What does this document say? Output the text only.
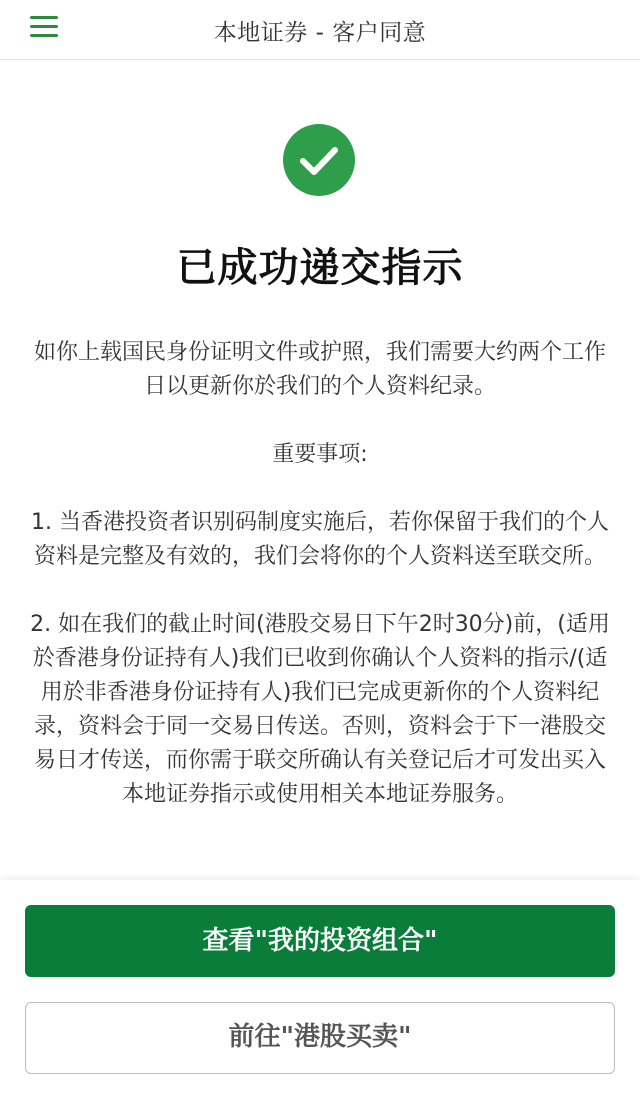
本地证券 - 客户同意
已成功递交指示

如你上载国民身份证明文件或护照，我们需要大约两个工作日以更新你於我们的个人资料纪录。

重要事项:

1. 当香港投资者识别码制度实施后，若你保留于我们的个人资料是完整及有效的，我们会将你的个人资料送至联交所。

2. 如在我们的截止时间(港股交易日下午2时30分)前，(适用於香港身份证持有人)我们已收到你确认个人资料的指示/(适用於非香港身份证持有人)我们已完成更新你的个人资料纪录，资料会于同一交易日传送。否则，资料会于下一港股交易日才传送，而你需于联交所确认有关登记后才可发出买入本地证券指示或使用相关本地证券服务。

查看"我的投资组合"
前往"港股买卖"
